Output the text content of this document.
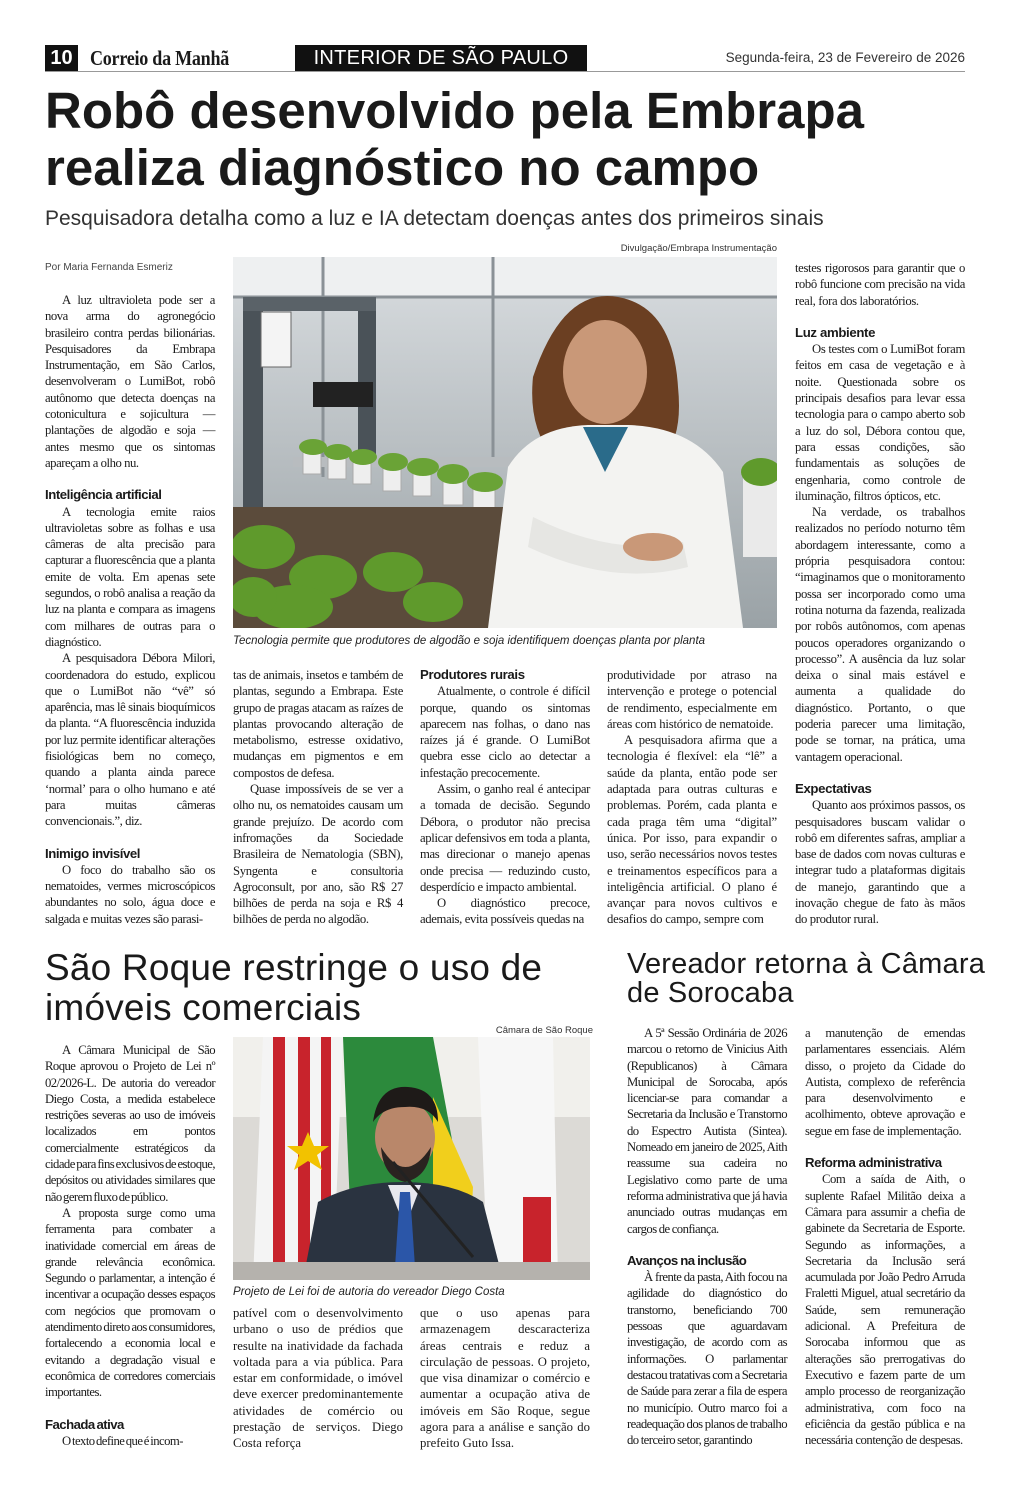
10 Correio da Manhã	INTERIOR DE SÃO PAULO	Segunda-feira, 23 de Fevereiro de 2026
Robô desenvolvido pela Embrapa realiza diagnóstico no campo
Pesquisadora detalha como a luz e IA detectam doenças antes dos primeiros sinais
Por Maria Fernanda Esmeriz
Divulgação/Embrapa Instrumentação
Tecnologia permite que produtores de algodão e soja identifiquem doenças planta por planta

A luz ultravioleta pode ser a nova arma do agronegócio brasileiro contra perdas bilionárias. Pesquisadores da Embrapa Instrumentação, em São Carlos, desenvolveram o LumiBot, robô autônomo que detecta doenças na cotonicultura e sojicultura — plantações de algodão e soja — antes mesmo que os sintomas apareçam a olho nu.

Inteligência artificial

A tecnologia emite raios ultravioletas sobre as folhas e usa câmeras de alta precisão para capturar a fluorescência que a planta emite de volta. Em apenas sete segundos, o robô analisa a reação da luz na planta e compara as imagens com milhares de outras para o diagnóstico.

A pesquisadora Débora Milori, coordenadora do estudo, explicou que o LumiBot não “vê” só aparência, mas lê sinais bioquímicos da planta. “A fluorescência induzida por luz permite identificar alterações fisiológicas bem no começo, quando a planta ainda parece ‘normal’ para o olho humano e até para muitas câmeras convencionais.”, diz.

Inimigo invisível

O foco do trabalho são os nematoides, vermes microscópicos abundantes no solo, água doce e salgada e muitas vezes são parasi-

tas de animais, insetos e também de plantas, segundo a Embrapa. Este grupo de pragas atacam as raízes de plantas provocando alteração de metabolismo, estresse oxidativo, mudanças em pigmentos e em compostos de defesa.

Quase impossíveis de se ver a olho nu, os nematoides causam um grande prejuízo. De acordo com infromações da Sociedade Brasileira de Nematologia (SBN), Syngenta e consultoria Agroconsult, por ano, são R$ 27 bilhões de perda na soja e R$ 4 bilhões de perda no algodão.

Produtores rurais

Atualmente, o controle é difícil porque, quando os sintomas aparecem nas folhas, o dano nas raízes já é grande. O LumiBot quebra esse ciclo ao detectar a infestação precocemente.

Assim, o ganho real é antecipar a tomada de decisão. Segundo Débora, o produtor não precisa aplicar defensivos em toda a planta, mas direcionar o manejo apenas onde precisa — reduzindo custo, desperdício e impacto ambiental.

O diagnóstico precoce, ademais, evita possíveis quedas na

produtividade por atraso na intervenção e protege o potencial de rendimento, especialmente em áreas com histórico de nematoide.

A pesquisadora afirma que a tecnologia é flexível: ela “lê” a saúde da planta, então pode ser adaptada para outras culturas e problemas. Porém, cada planta e cada praga têm uma “digital” única. Por isso, para expandir o uso, serão necessários novos testes e treinamentos específicos para a inteligência artificial. O plano é avançar para novos cultivos e desafios do campo, sempre com

testes rigorosos para garantir que o robô funcione com precisão na vida real, fora dos laboratórios.

Luz ambiente

Os testes com o LumiBot foram feitos em casa de vegetação e à noite. Questionada sobre os principais desafios para levar essa tecnologia para o campo aberto sob a luz do sol, Débora contou que, para essas condições, são fundamentais as soluções de engenharia, como controle de iluminação, filtros ópticos, etc.

Na verdade, os trabalhos realizados no período noturno têm abordagem interessante, como a própria pesquisadora contou: “imaginamos que o monitoramento possa ser incorporado como uma rotina noturna da fazenda, realizada por robôs autônomos, com apenas poucos operadores organizando o processo”. A ausência da luz solar deixa o sinal mais estável e aumenta a qualidade do diagnóstico. Portanto, o que poderia parecer uma limitação, pode se tornar, na prática, uma vantagem operacional.

Expectativas

Quanto aos próximos passos, os pesquisadores buscam validar o robô em diferentes safras, ampliar a base de dados com novas culturas e integrar tudo a plataformas digitais de manejo, garantindo que a inovação chegue de fato às mãos do produtor rural.

São Roque restringe o uso de imóveis comerciais
Câmara de São Roque
Projeto de Lei foi de autoria do vereador Diego Costa

A Câmara Municipal de São Roque aprovou o Projeto de Lei nº 02/2026-L. De autoria do vereador Diego Costa, a medida estabelece restrições severas ao uso de imóveis localizados em pontos comercialmente estratégicos da cidade para fins exclusivos de estoque, depósitos ou atividades similares que não gerem fluxo de público.

A proposta surge como uma ferramenta para combater a inatividade comercial em áreas de grande relevância econômica. Segundo o parlamentar, a intenção é incentivar a ocupação desses espaços com negócios que promovam o atendimento direto aos consumidores, fortalecendo a economia local e evitando a degradação visual e econômica de corredores comerciais importantes.

Fachada ativa

O texto define que é incom-

patível com o desenvolvimento urbano o uso de prédios que resulte na inatividade da fachada voltada para a via pública. Para estar em conformidade, o imóvel deve exercer predominantemente atividades de comércio ou prestação de serviços. Diego Costa reforça

que o uso apenas para armazenagem descaracteriza áreas centrais e reduz a circulação de pessoas. O projeto, que visa dinamizar o comércio e aumentar a ocupação ativa de imóveis em São Roque, segue agora para a análise e sanção do prefeito Guto Issa.

Vereador retorna à Câmara de Sorocaba

A 5ª Sessão Ordinária de 2026 marcou o retorno de Vinicius Aith (Republicanos) à Câmara Municipal de Sorocaba, após licenciar-se para comandar a Secretaria da Inclusão e Transtorno do Espectro Autista (Sintea). Nomeado em janeiro de 2025, Aith reassume sua cadeira no Legislativo como parte de uma reforma administrativa que já havia anunciado outras mudanças em cargos de confiança.

Avanços na inclusão

À frente da pasta, Aith focou na agilidade do diagnóstico do transtorno, beneficiando 700 pessoas que aguardavam investigação, de acordo com as informações. O parlamentar destacou tratativas com a Secretaria de Saúde para zerar a fila de espera no município. Outro marco foi a readequação dos planos de trabalho do terceiro setor, garantindo

a manutenção de emendas parlamentares essenciais. Além disso, o projeto da Cidade do Autista, complexo de referência para desenvolvimento e acolhimento, obteve aprovação e segue em fase de implementação.

Reforma administrativa

Com a saída de Aith, o suplente Rafael Militão deixa a Câmara para assumir a chefia de gabinete da Secretaria de Esporte. Segundo as informações, a Secretaria da Inclusão será acumulada por João Pedro Arruda Fraletti Miguel, atual secretário da Saúde, sem remuneração adicional. A Prefeitura de Sorocaba informou que as alterações são prerrogativas do Executivo e fazem parte de um amplo processo de reorganização administrativa, com foco na eficiência da gestão pública e na necessária contenção de despesas.
